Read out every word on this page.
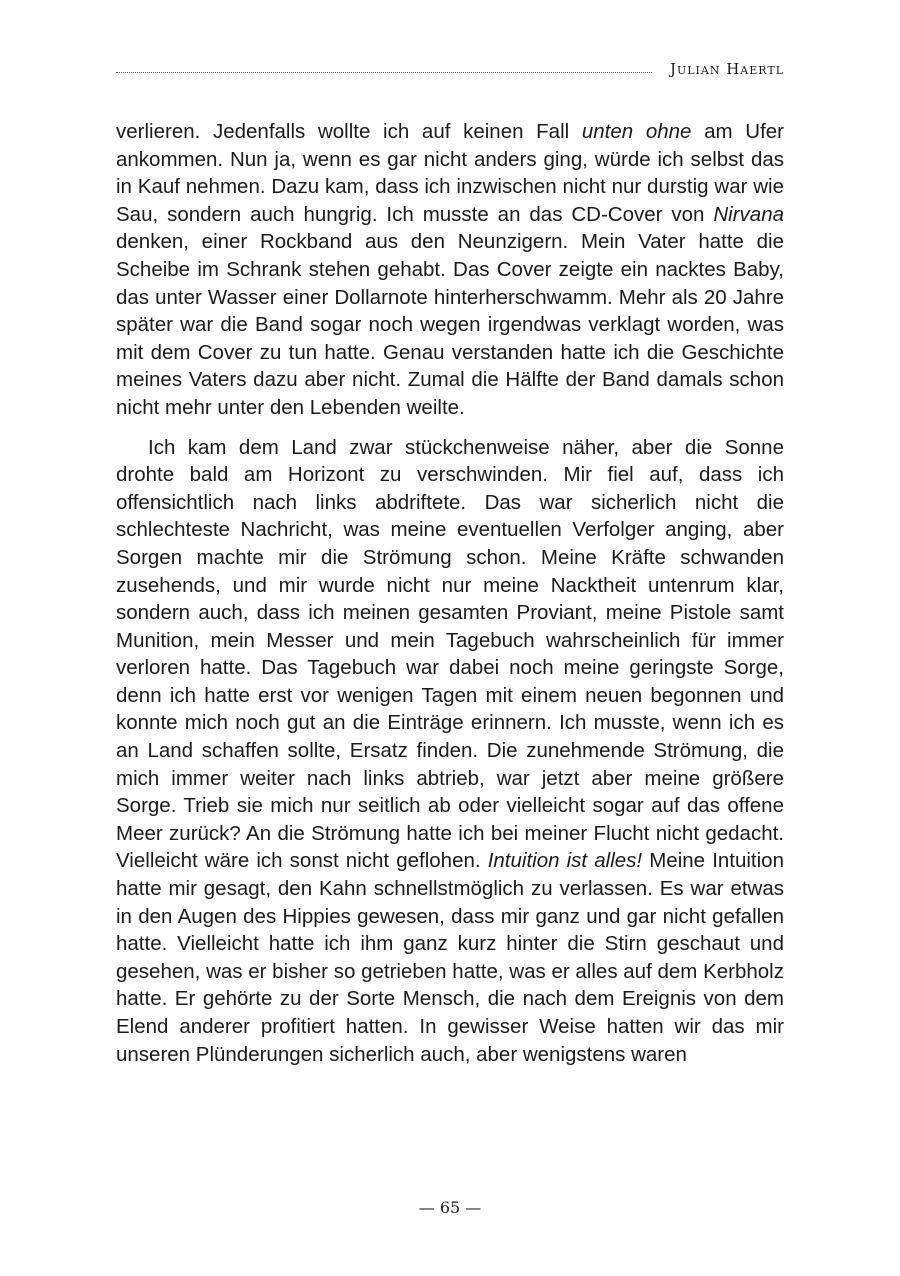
Julian Haertl

verlieren. Jedenfalls wollte ich auf keinen Fall unten ohne am Ufer ankommen. Nun ja, wenn es gar nicht anders ging, würde ich selbst das in Kauf nehmen. Dazu kam, dass ich inzwischen nicht nur durstig war wie Sau, sondern auch hungrig. Ich musste an das CD-Cover von Nirvana denken, einer Rockband aus den Neunzigern. Mein Vater hatte die Scheibe im Schrank stehen gehabt. Das Cover zeigte ein nacktes Baby, das unter Wasser einer Dollarnote hinterherschwamm. Mehr als 20 Jahre später war die Band sogar noch wegen irgendwas verklagt worden, was mit dem Cover zu tun hatte. Genau verstanden hatte ich die Geschichte meines Vaters dazu aber nicht. Zumal die Hälfte der Band damals schon nicht mehr unter den Lebenden weilte.

Ich kam dem Land zwar stückchenweise näher, aber die Sonne drohte bald am Horizont zu verschwinden. Mir fiel auf, dass ich offensichtlich nach links abdriftete. Das war sicherlich nicht die schlechteste Nachricht, was meine eventuellen Verfolger anging, aber Sorgen machte mir die Strömung schon. Meine Kräfte schwanden zusehends, und mir wurde nicht nur meine Nacktheit untenrum klar, sondern auch, dass ich meinen gesamten Proviant, meine Pistole samt Munition, mein Messer und mein Tagebuch wahrscheinlich für immer verloren hatte. Das Tagebuch war dabei noch meine geringste Sorge, denn ich hatte erst vor wenigen Tagen mit einem neuen begonnen und konnte mich noch gut an die Einträge erinnern. Ich musste, wenn ich es an Land schaffen sollte, Ersatz finden. Die zunehmende Strömung, die mich immer weiter nach links abtrieb, war jetzt aber meine größere Sorge. Trieb sie mich nur seitlich ab oder vielleicht sogar auf das offene Meer zurück? An die Strömung hatte ich bei meiner Flucht nicht gedacht. Vielleicht wäre ich sonst nicht geflohen. Intuition ist alles! Meine Intuition hatte mir gesagt, den Kahn schnellstmöglich zu verlassen. Es war etwas in den Augen des Hippies gewesen, dass mir ganz und gar nicht gefallen hatte. Vielleicht hatte ich ihm ganz kurz hinter die Stirn geschaut und gesehen, was er bisher so getrieben hatte, was er alles auf dem Kerbholz hatte. Er gehörte zu der Sorte Mensch, die nach dem Ereignis von dem Elend anderer profitiert hatten. In gewisser Weise hatten wir das mir unseren Plünderungen sicherlich auch, aber wenigstens waren

— 65 —
